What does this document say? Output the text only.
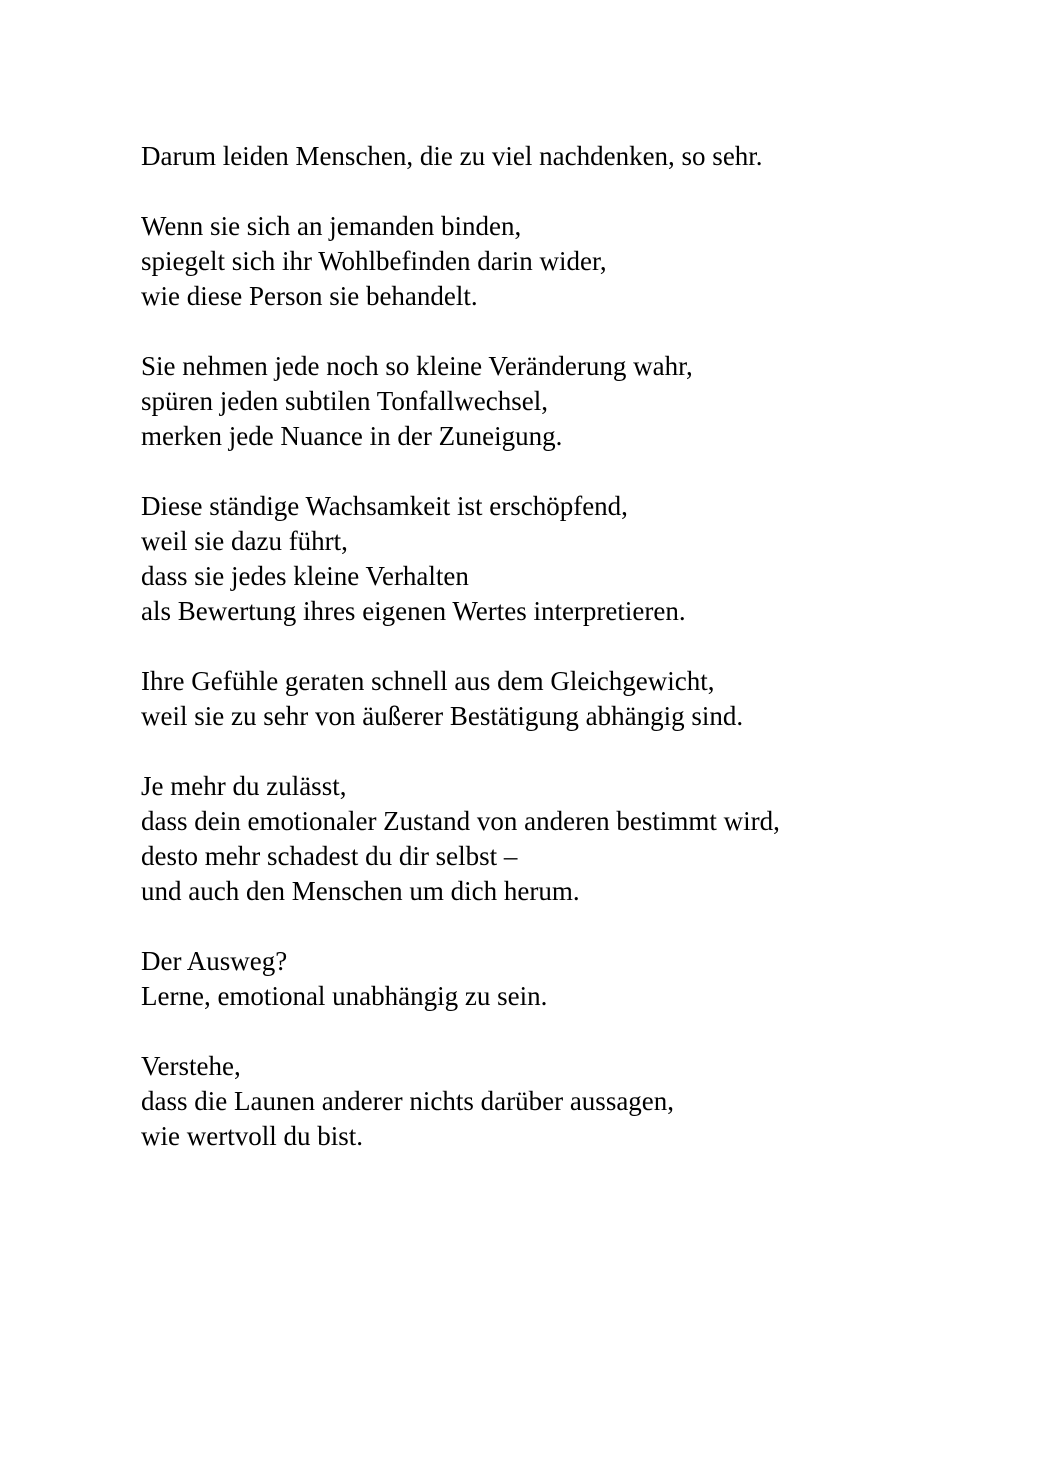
Darum leiden Menschen, die zu viel nachdenken, so sehr.
Wenn sie sich an jemanden binden,
spiegelt sich ihr Wohlbefinden darin wider,
wie diese Person sie behandelt.
Sie nehmen jede noch so kleine Veränderung wahr,
spüren jeden subtilen Tonfallwechsel,
merken jede Nuance in der Zuneigung.
Diese ständige Wachsamkeit ist erschöpfend,
weil sie dazu führt,
dass sie jedes kleine Verhalten
als Bewertung ihres eigenen Wertes interpretieren.
Ihre Gefühle geraten schnell aus dem Gleichgewicht,
weil sie zu sehr von äußerer Bestätigung abhängig sind.
Je mehr du zulässt,
dass dein emotionaler Zustand von anderen bestimmt wird,
desto mehr schadest du dir selbst –
und auch den Menschen um dich herum.
Der Ausweg?
Lerne, emotional unabhängig zu sein.
Verstehe,
dass die Launen anderer nichts darüber aussagen,
wie wertvoll du bist.
